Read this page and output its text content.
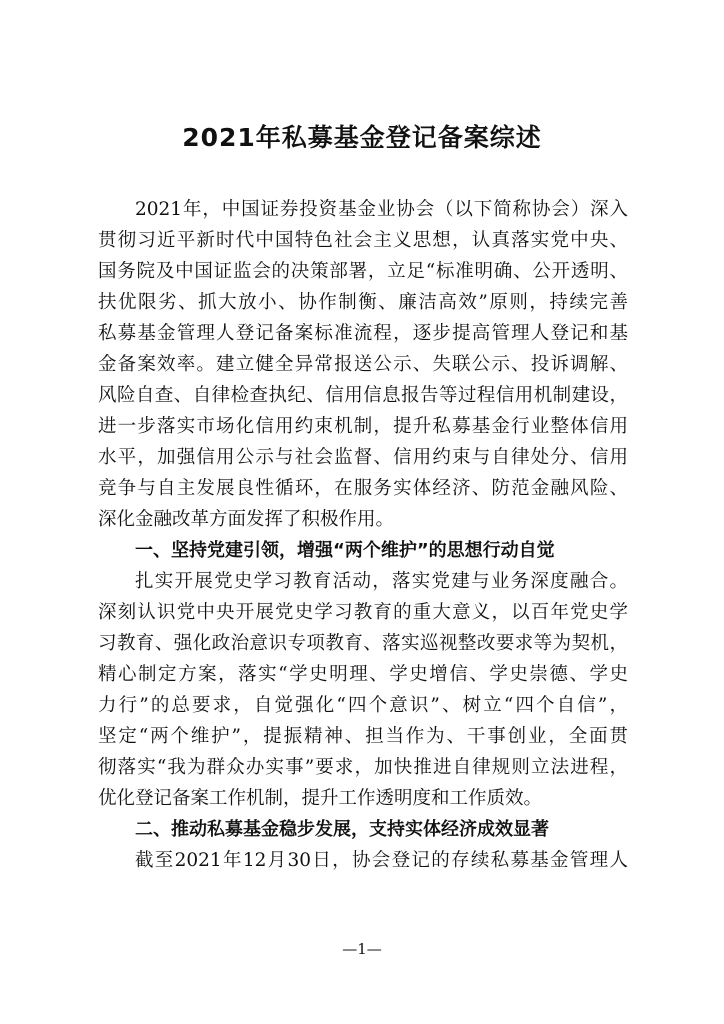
2021年私募基金登记备案综述
2021年，中国证券投资基金业协会（以下简称协会）深入
贯彻习近平新时代中国特色社会主义思想，认真落实党中央、
国务院及中国证监会的决策部署，立足“标准明确、公开透明、
扶优限劣、抓大放小、协作制衡、廉洁高效”原则，持续完善
私募基金管理人登记备案标准流程，逐步提高管理人登记和基
金备案效率。建立健全异常报送公示、失联公示、投诉调解、
风险自查、自律检查执纪、信用信息报告等过程信用机制建设，
进一步落实市场化信用约束机制，提升私募基金行业整体信用
水平，加强信用公示与社会监督、信用约束与自律处分、信用
竞争与自主发展良性循环，在服务实体经济、防范金融风险、
深化金融改革方面发挥了积极作用。
一、坚持党建引领，增强“两个维护”的思想行动自觉
扎实开展党史学习教育活动，落实党建与业务深度融合。
深刻认识党中央开展党史学习教育的重大意义，以百年党史学
习教育、强化政治意识专项教育、落实巡视整改要求等为契机，
精心制定方案，落实“学史明理、学史增信、学史崇德、学史
力行”的总要求，自觉强化“四个意识”、树立“四个自信”，
坚定“两个维护”，提振精神、担当作为、干事创业，全面贯
彻落实“我为群众办实事”要求，加快推进自律规则立法进程，
优化登记备案工作机制，提升工作透明度和工作质效。
二、推动私募基金稳步发展，支持实体经济成效显著
截至2021年12月30日，协会登记的存续私募基金管理人
—1—
